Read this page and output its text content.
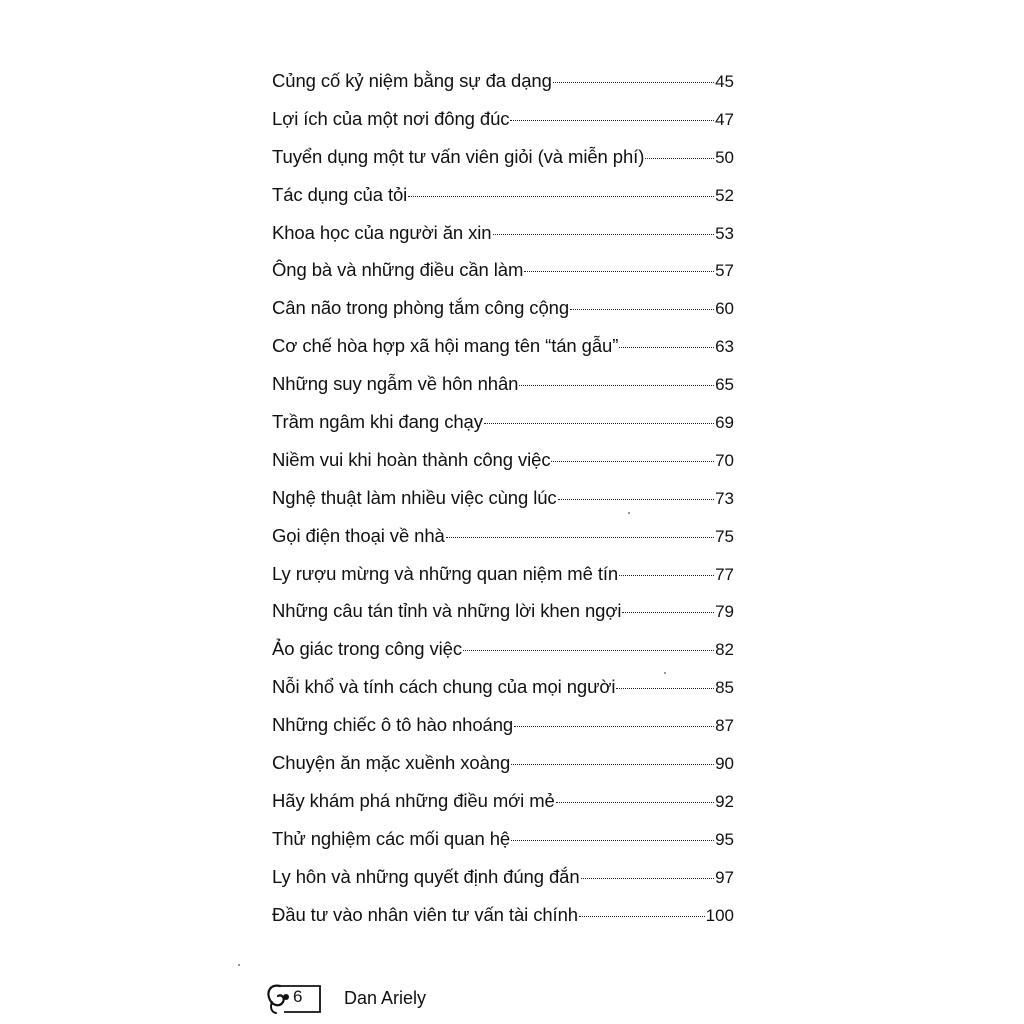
Củng cố kỷ niệm bằng sự đa dạng	45
Lợi ích của một nơi đông đúc	47
Tuyển dụng một tư vấn viên giỏi (và miễn phí)	50
Tác dụng của tỏi	52
Khoa học của người ăn xin	53
Ông bà và những điều cần làm	57
Cân não trong phòng tắm công cộng	60
Cơ chế hòa hợp xã hội mang tên “tán gẫu”	63
Những suy ngẫm về hôn nhân	65
Trầm ngâm khi đang chạy	69
Niềm vui khi hoàn thành công việc	70
Nghệ thuật làm nhiều việc cùng lúc	73
Gọi điện thoại về nhà	75
Ly rượu mừng và những quan niệm mê tín	77
Những câu tán tỉnh và những lời khen ngợi	79
Ảo giác trong công việc	82
Nỗi khổ và tính cách chung của mọi người	85
Những chiếc ô tô hào nhoáng	87
Chuyện ăn mặc xuềnh xoàng	90
Hãy khám phá những điều mới mẻ	92
Thử nghiệm các mối quan hệ	95
Ly hôn và những quyết định đúng đắn	97
Đầu tư vào nhân viên tư vấn tài chính	100
6 Dan Ariely
